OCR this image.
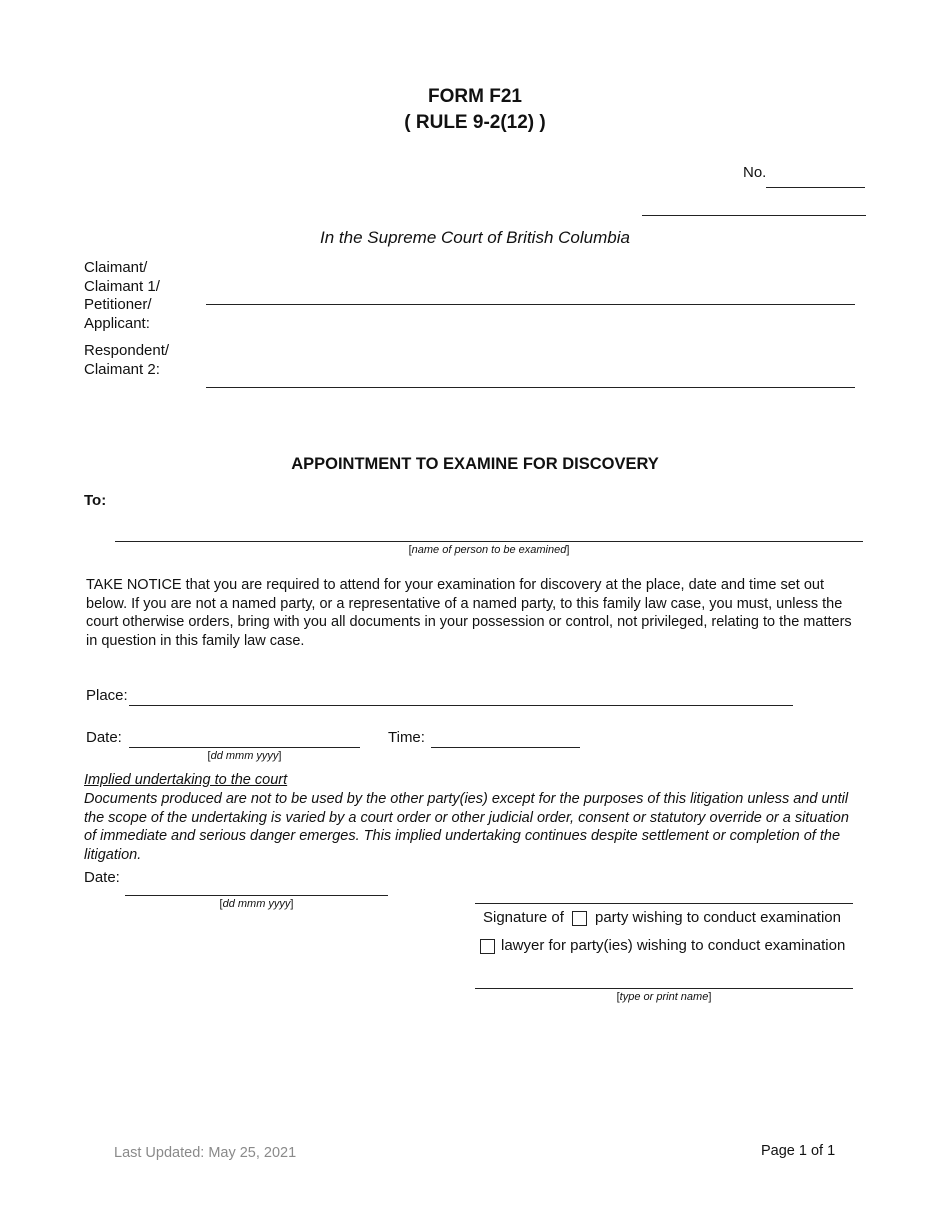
FORM F21
( RULE 9-2(12) )
No.
In the Supreme Court of British Columbia
Claimant/
Claimant 1/
Petitioner/
Applicant:
Respondent/
Claimant 2:
APPOINTMENT TO EXAMINE FOR DISCOVERY
To:
[name of person to be examined]
TAKE NOTICE that you are required to attend for your examination for discovery at the place, date and time set out below. If you are not a named party, or a representative of a named party, to this family law case, you must, unless the court otherwise orders, bring with you all documents in your possession or control, not privileged, relating to the matters in question in this family law case.
Place:
Date:
[dd mmm yyyy]
Time:
Implied undertaking to the court
Documents produced are not to be used by the other party(ies) except for the purposes of this litigation unless and until the scope of the undertaking is varied by a court order or other judicial order, consent or statutory override or a situation of immediate and serious danger emerges. This implied undertaking continues despite settlement or completion of the litigation.
Date:
[dd mmm yyyy]
Signature of party wishing to conduct examination
lawyer for party(ies) wishing to conduct examination
[type or print name]
Last Updated: May 25, 2021	Page 1 of 1
